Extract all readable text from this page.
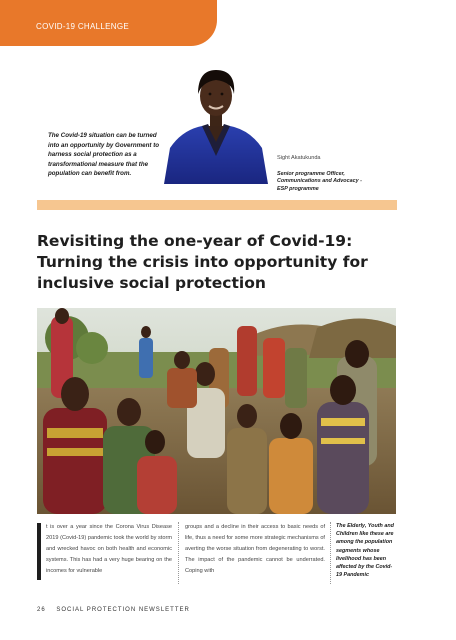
COVID-19 CHALLENGE
The Covid-19 situation can be turned into an opportunity by Government to harness social protection as a transformational measure that the population can benefit from.
Sight Akatukunda
Senior programme Officer, Communications and Advocacy - ESP programme
Revisiting the one-year of Covid-19: Turning the crisis into opportunity for inclusive social protection
t is over a year since the Corona Virus Disease 2019 (Covid-19) pandemic took the world by storm and wrecked havoc on both health and economic systems. This has had a very huge bearing on the incomes for vulnerable
groups and a decline in their access to basic needs of life, thus a need for some more strategic mechanisms of averting the worse situation from degenerating to worst. The impact of the pandemic cannot be underrated. Coping with
The Elderly, Youth and Children like these are among the population segments whose livelihood has been affected by the Covid-19 Pandemic
26 SOCIAL PROTECTION NEWSLETTER
